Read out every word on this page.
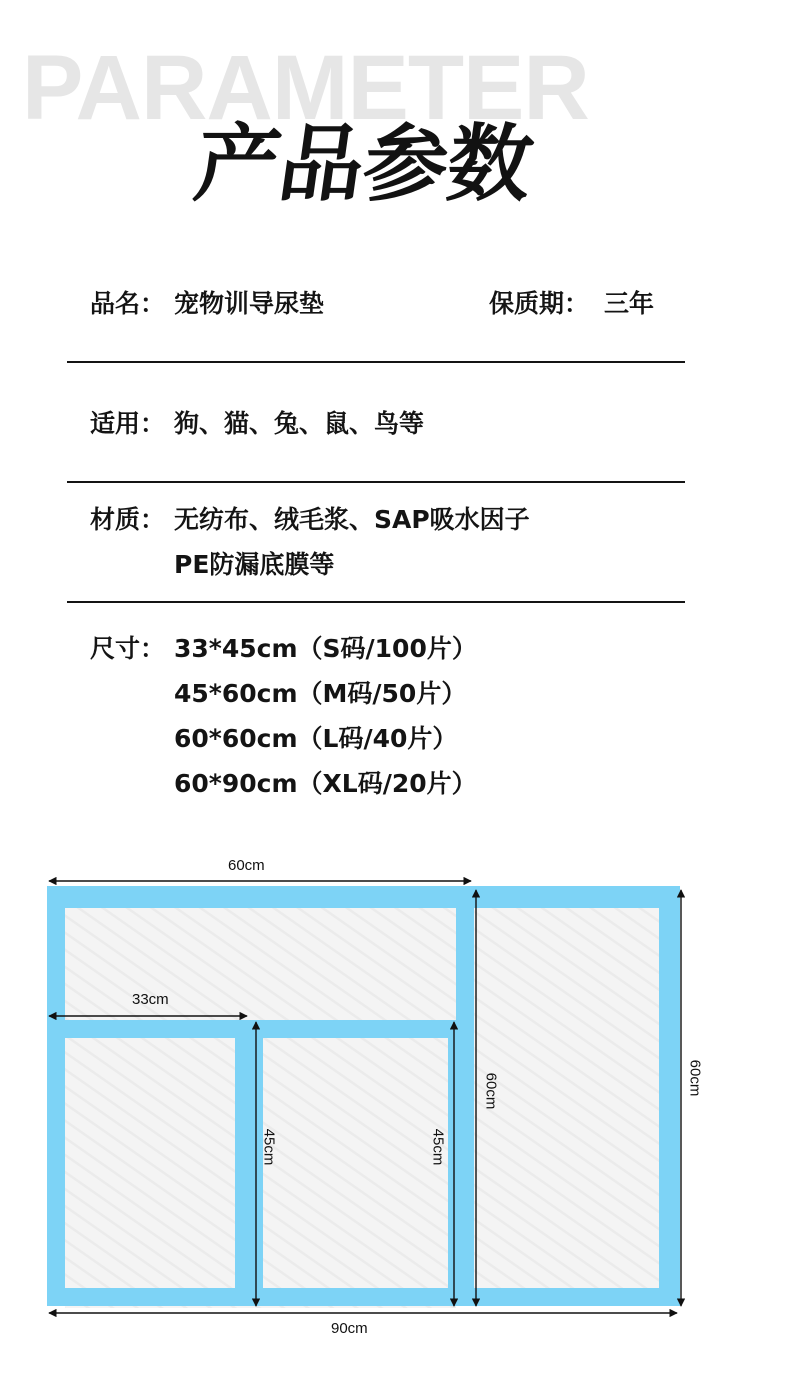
PARAMETER
产品参数
品名： 宠物训导尿垫	保质期： 三年
适用： 狗、猫、兔、鼠、鸟等
材质： 无纺布、绒毛浆、SAP吸水因子
PE防漏底膜等
尺寸： 33*45cm（S码/100片）
45*60cm（M码/50片）
60*60cm（L码/40片）
60*90cm（XL码/20片）
60cm
33cm
45cm	45cm
60cm	60cm
90cm
